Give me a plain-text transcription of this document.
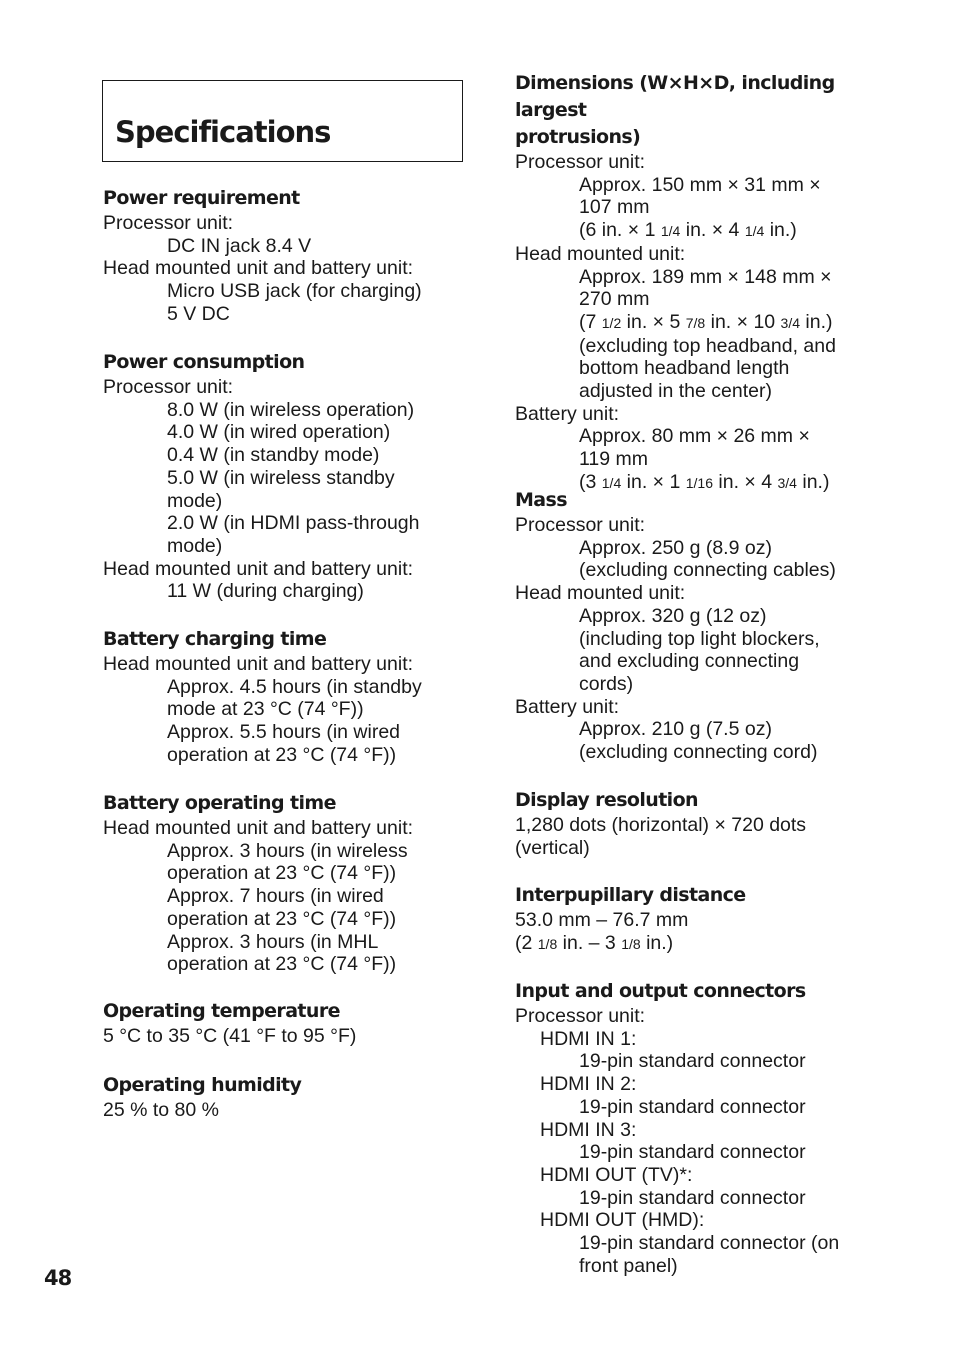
Specifications
Power requirement
Processor unit:
DC IN jack 8.4 V
Head mounted unit and battery unit:
Micro USB jack (for charging)
5 V DC
Power consumption
Processor unit:
8.0 W (in wireless operation)
4.0 W (in wired operation)
0.4 W (in standby mode)
5.0 W (in wireless standby
mode)
2.0 W (in HDMI pass-through
mode)
Head mounted unit and battery unit:
11 W (during charging)
Battery charging time
Head mounted unit and battery unit:
Approx. 4.5 hours (in standby
mode at 23 °C (74 °F))
Approx. 5.5 hours (in wired
operation at 23 °C (74 °F))
Battery operating time
Head mounted unit and battery unit:
Approx. 3 hours (in wireless
operation at 23 °C (74 °F))
Approx. 7 hours (in wired
operation at 23 °C (74 °F))
Approx. 3 hours (in MHL
operation at 23 °C (74 °F))
Operating temperature
5 °C to 35 °C (41 °F to 95 °F)
Operating humidity
25 % to 80 %
Dimensions (W×H×D, including largest
protrusions)
Processor unit:
Approx. 150 mm × 31 mm ×
107 mm
(6 in. × 1 1/4 in. × 4 1/4 in.)
Head mounted unit:
Approx. 189 mm × 148 mm ×
270 mm
(7 1/2 in. × 5 7/8 in. × 10 3/4 in.)
(excluding top headband, and
bottom headband length
adjusted in the center)
Battery unit:
Approx. 80 mm × 26 mm ×
119 mm
(3 1/4 in. × 1 1/16 in. × 4 3/4 in.)
Mass
Processor unit:
Approx. 250 g (8.9 oz)
(excluding connecting cables)
Head mounted unit:
Approx. 320 g (12 oz)
(including top light blockers,
and excluding connecting
cords)
Battery unit:
Approx. 210 g (7.5 oz)
(excluding connecting cord)
Display resolution
1,280 dots (horizontal) × 720 dots
(vertical)
Interpupillary distance
53.0 mm – 76.7 mm
(2 1/8 in. – 3 1/8 in.)
Input and output connectors
Processor unit:
HDMI IN 1:
19-pin standard connector
HDMI IN 2:
19-pin standard connector
HDMI IN 3:
19-pin standard connector
HDMI OUT (TV)*:
19-pin standard connector
HDMI OUT (HMD):
19-pin standard connector (on
front panel)
48
